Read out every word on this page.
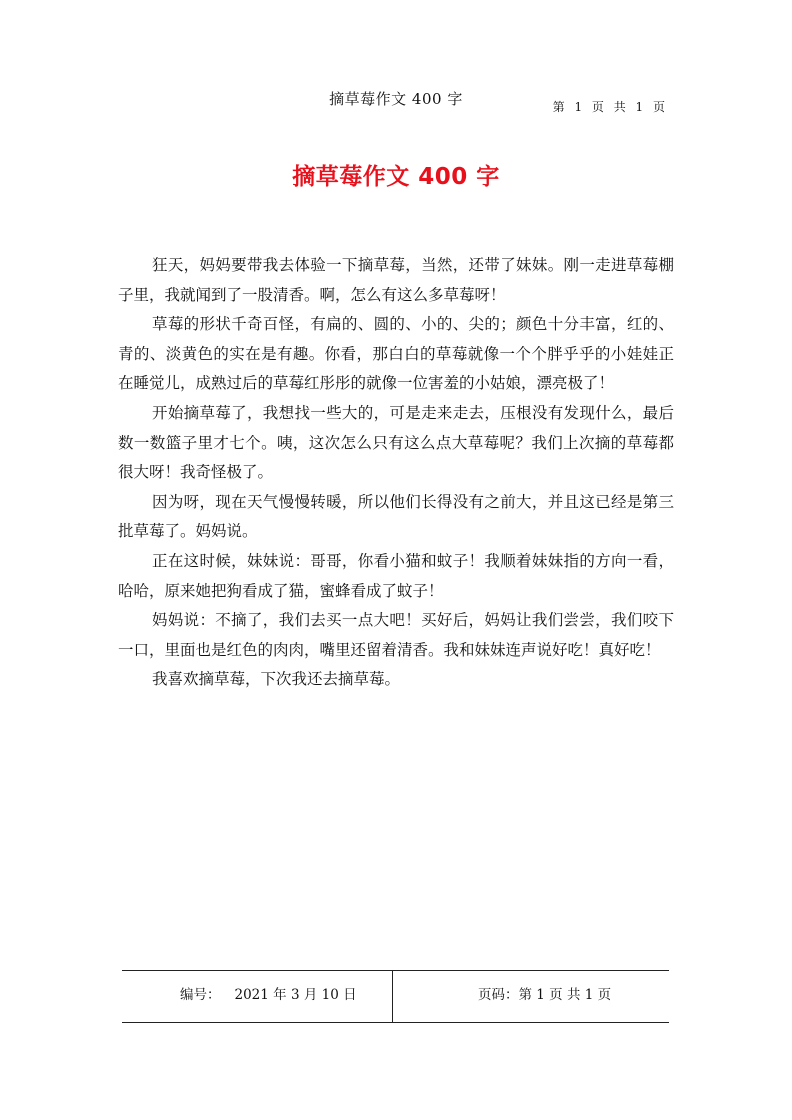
摘草莓作文 400 字	第 1 页 共 1 页
摘草莓作文 400 字

狂天，妈妈要带我去体验一下摘草莓，当然，还带了妹妹。刚一走进草莓棚子里，我就闻到了一股清香。啊，怎么有这么多草莓呀！

草莓的形状千奇百怪，有扁的、圆的、小的、尖的；颜色十分丰富，红的、青的、淡黄色的实在是有趣。你看，那白白的草莓就像一个个胖乎乎的小娃娃正在睡觉儿，成熟过后的草莓红彤彤的就像一位害羞的小姑娘，漂亮极了！

开始摘草莓了，我想找一些大的，可是走来走去，压根没有发现什么，最后数一数篮子里才七个。咦，这次怎么只有这么点大草莓呢？我们上次摘的草莓都很大呀！我奇怪极了。

因为呀，现在天气慢慢转暖，所以他们长得没有之前大，并且这已经是第三批草莓了。妈妈说。

正在这时候，妹妹说：哥哥，你看小猫和蚊子！我顺着妹妹指的方向一看，哈哈，原来她把狗看成了猫，蜜蜂看成了蚊子！

妈妈说：不摘了，我们去买一点大吧！买好后，妈妈让我们尝尝，我们咬下一口，里面也是红色的肉肉，嘴里还留着清香。我和妹妹连声说好吃！真好吃！

我喜欢摘草莓，下次我还去摘草莓。

编号： 2021 年 3 月 10 日	页码：第 1 页 共 1 页
